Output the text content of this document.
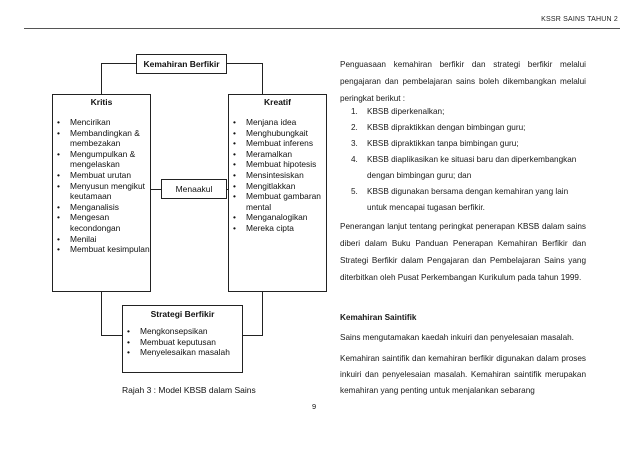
KSSR SAINS TAHUN 2
Kemahiran Berfikir
Kritis
• Mencirikan
• Membandingkan & membezakan
• Mengumpulkan & mengelaskan
• Membuat urutan
• Menyusun mengikut keutamaan
• Menganalisis
• Mengesan kecondongan
• Menilai
• Membuat kesimpulan
Kreatif
• Menjana idea
• Menghubungkait
• Membuat inferens
• Meramalkan
• Membuat hipotesis
• Mensintesiskan
• Mengitlakkan
• Membuat gambaran mental
• Menganalogikan
• Mereka cipta
Menaakul
Strategi Berfikir
• Mengkonsepsikan
• Membuat keputusan
• Menyelesaikan masalah
Rajah 3 : Model KBSB dalam Sains
9
Penguasaan kemahiran berfikir dan strategi berfikir melalui pengajaran dan pembelajaran sains boleh dikembangkan melalui peringkat berikut :
1. KBSB diperkenalkan;
2. KBSB dipraktikkan dengan bimbingan guru;
3. KBSB dipraktikkan tanpa bimbingan guru;
4. KBSB diaplikasikan ke situasi baru dan diperkembangkan dengan bimbingan guru; dan
5. KBSB digunakan bersama dengan kemahiran yang lain untuk mencapai tugasan berfikir.
Penerangan lanjut tentang peringkat penerapan KBSB dalam sains diberi dalam Buku Panduan Penerapan Kemahiran Berfikir dan Strategi Berfikir dalam Pengajaran dan Pembelajaran Sains yang diterbitkan oleh Pusat Perkembangan Kurikulum pada tahun 1999.
Kemahiran Saintifik
Sains mengutamakan kaedah inkuiri dan penyelesaian masalah.
Kemahiran saintifik dan kemahiran berfikir digunakan dalam proses inkuiri dan penyelesaian masalah. Kemahiran saintifik merupakan kemahiran yang penting untuk menjalankan sebarang
